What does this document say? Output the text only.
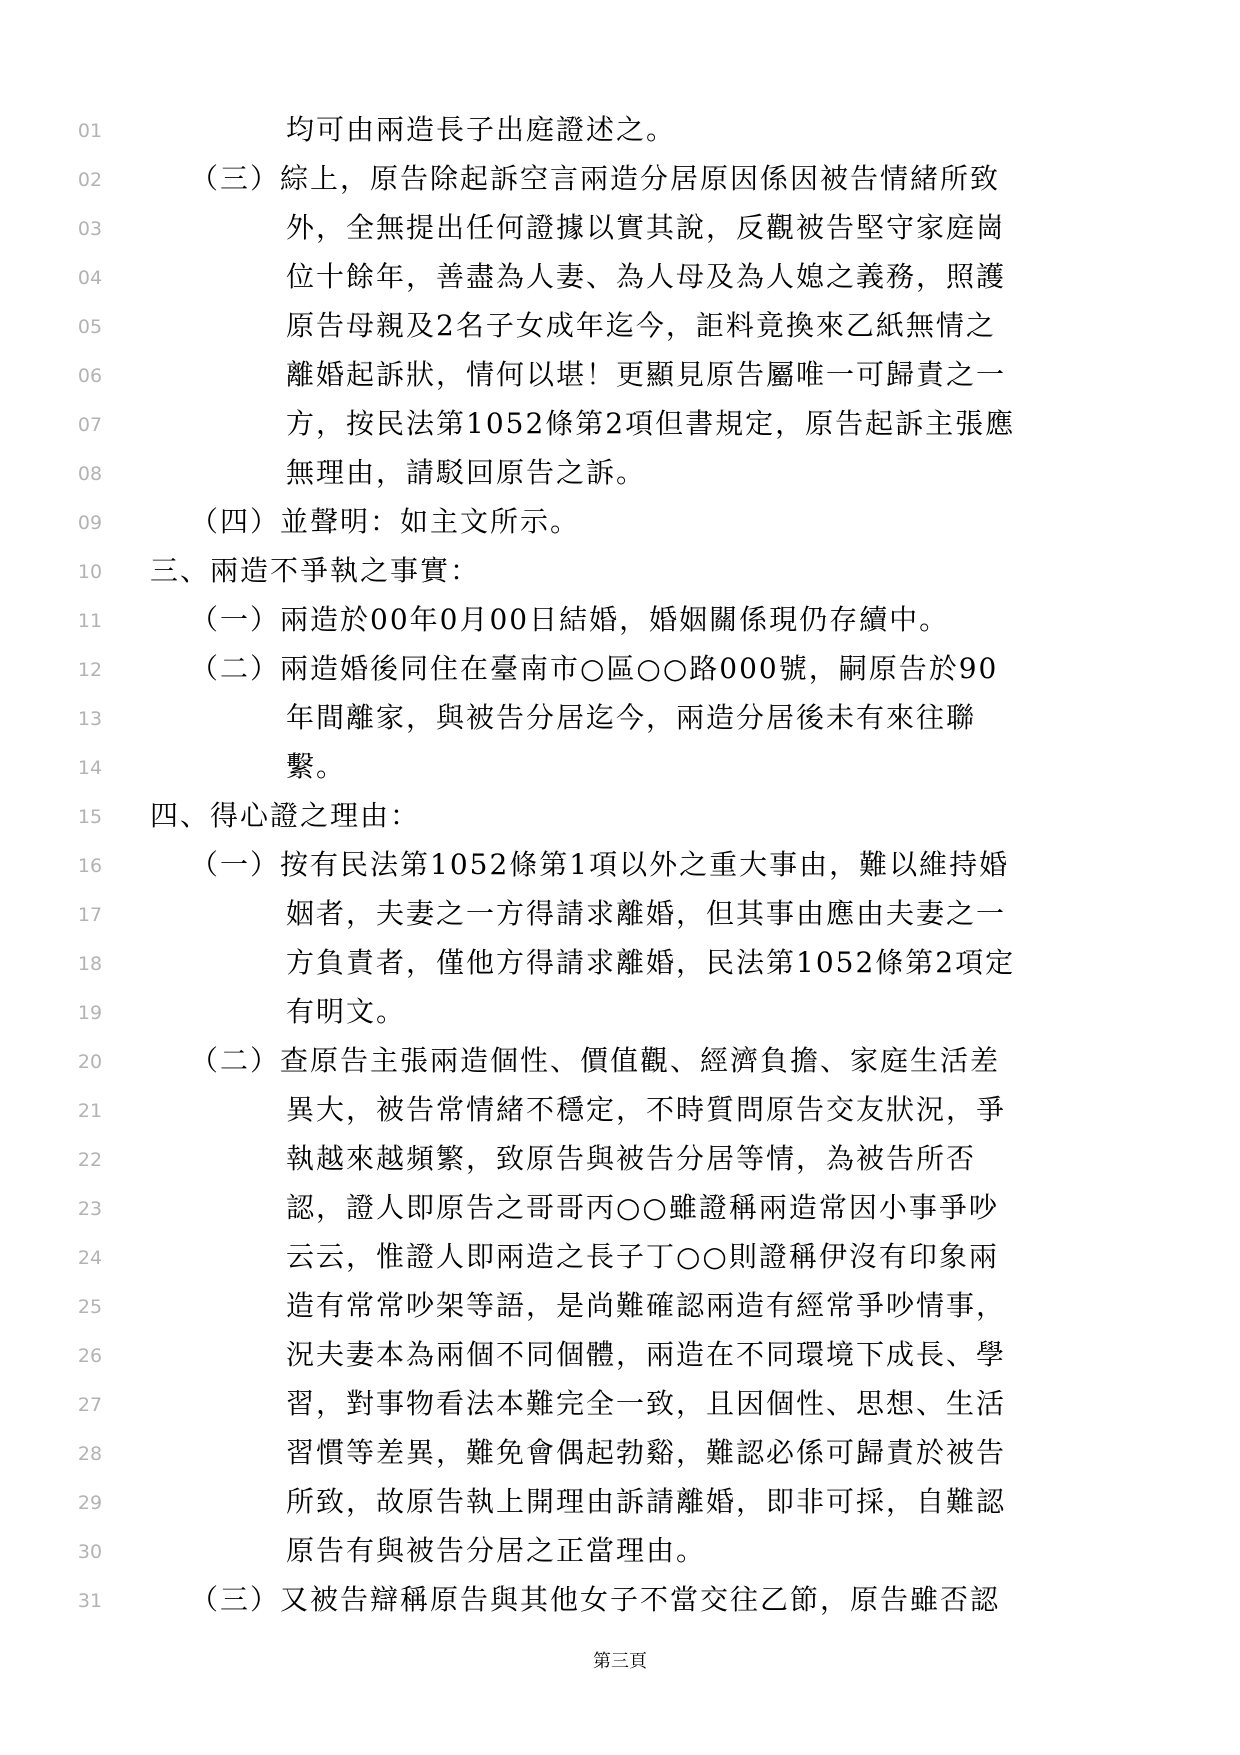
01	均可由兩造長子出庭證述之。
02	（三）綜上，原告除起訴空言兩造分居原因係因被告情緒所致
03	外，全無提出任何證據以實其說，反觀被告堅守家庭崗
04	位十餘年，善盡為人妻、為人母及為人媳之義務，照護
05	原告母親及2名子女成年迄今，詎料竟換來乙紙無情之
06	離婚起訴狀，情何以堪！更顯見原告屬唯一可歸責之一
07	方，按民法第1052條第2項但書規定，原告起訴主張應
08	無理由，請駁回原告之訴。
09	（四）並聲明：如主文所示。
10	三、兩造不爭執之事實：
11	（一）兩造於00年0月00日結婚，婚姻關係現仍存續中。
12	（二）兩造婚後同住在臺南市○區○○路000號，嗣原告於90
13	年間離家，與被告分居迄今，兩造分居後未有來往聯
14	繫。
15	四、得心證之理由：
16	（一）按有民法第1052條第1項以外之重大事由，難以維持婚
17	姻者，夫妻之一方得請求離婚，但其事由應由夫妻之一
18	方負責者，僅他方得請求離婚，民法第1052條第2項定
19	有明文。
20	（二）查原告主張兩造個性、價值觀、經濟負擔、家庭生活差
21	異大，被告常情緒不穩定，不時質問原告交友狀況，爭
22	執越來越頻繁，致原告與被告分居等情，為被告所否
23	認，證人即原告之哥哥丙○○雖證稱兩造常因小事爭吵
24	云云，惟證人即兩造之長子丁○○則證稱伊沒有印象兩
25	造有常常吵架等語，是尚難確認兩造有經常爭吵情事，
26	況夫妻本為兩個不同個體，兩造在不同環境下成長、學
27	習，對事物看法本難完全一致，且因個性、思想、生活
28	習慣等差異，難免會偶起勃谿，難認必係可歸責於被告
29	所致，故原告執上開理由訴請離婚，即非可採，自難認
30	原告有與被告分居之正當理由。
31	（三）又被告辯稱原告與其他女子不當交往乙節，原告雖否認
第三頁
